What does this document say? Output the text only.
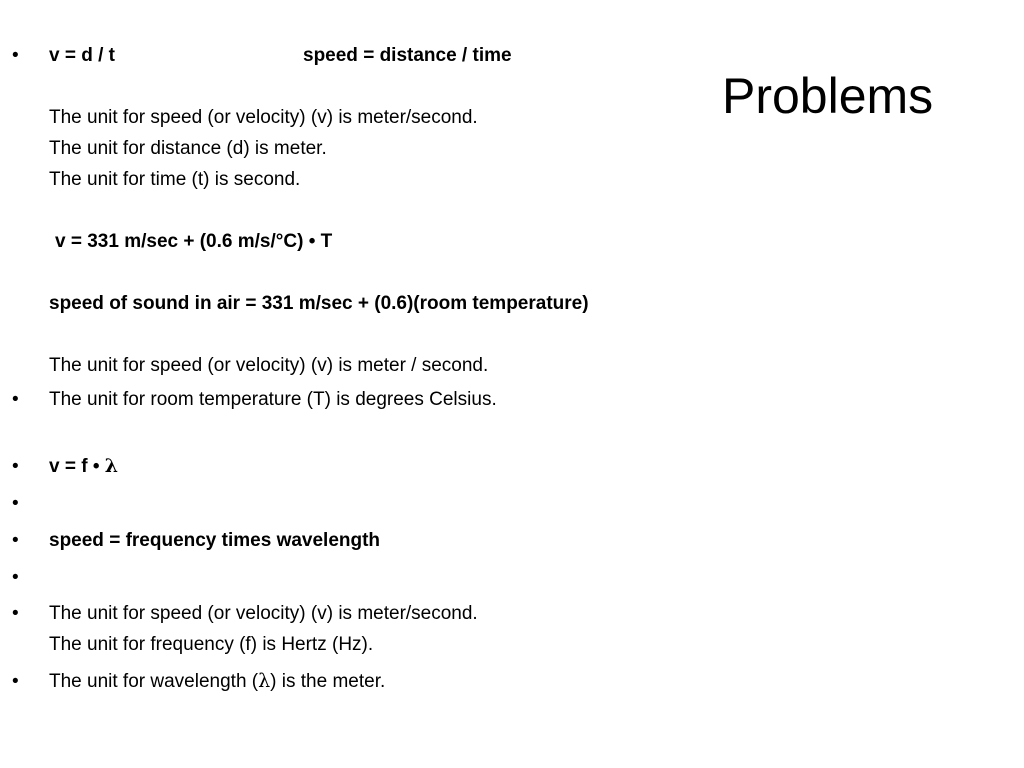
Problems
• v = d / t	speed = distance / time
The unit for speed (or velocity) (v) is meter/second.
The unit for distance (d) is meter.
The unit for time (t) is second.
v = 331 m/sec + (0.6 m/s/°C) • T
speed of sound in air = 331 m/sec + (0.6)(room temperature)
The unit for speed (or velocity) (v) is meter / second.
• The unit for room temperature (T) is degrees Celsius.
• v = f • λ
•
• speed = frequency times wavelength
•
• The unit for speed (or velocity) (v) is meter/second.
The unit for frequency (f) is Hertz (Hz).
• The unit for wavelength (λ) is the meter.
